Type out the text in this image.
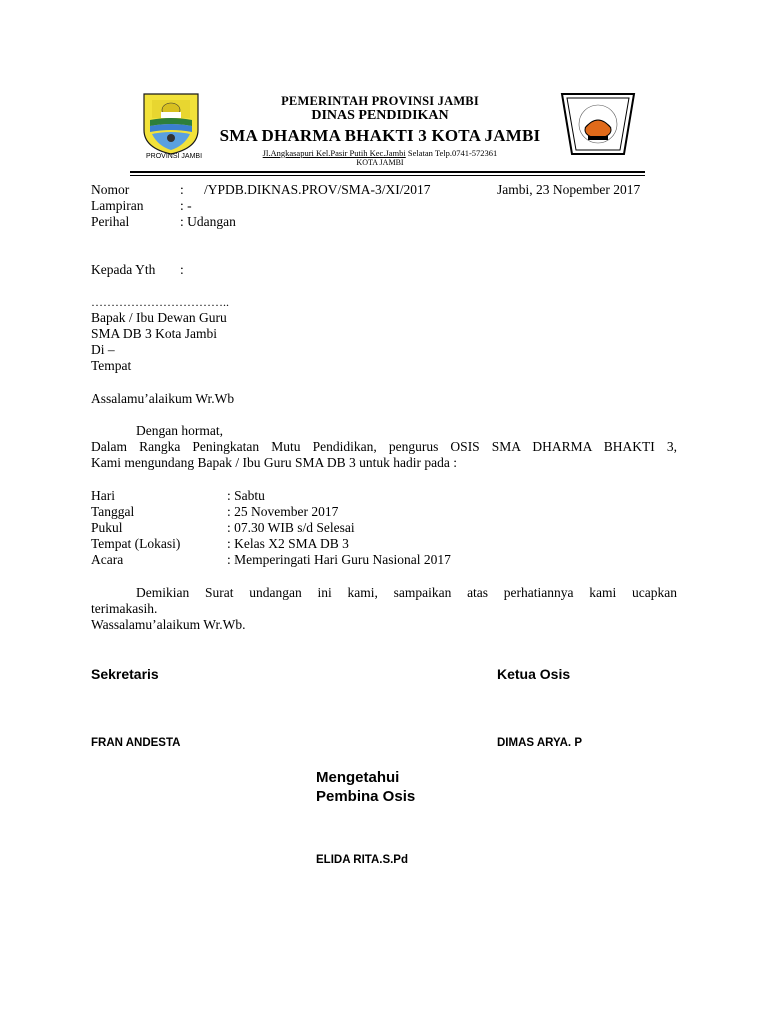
PROVINSI JAMBI
PEMERINTAH PROVINSI JAMBI
DINAS PENDIDIKAN
SMA DHARMA BHAKTI 3 KOTA JAMBI
Jl.Angkasapuri Kel.Pasir Putih Kec.Jambi Selatan Telp.0741-572361
KOTA JAMBI
Nomor	: /YPDB.DIKNAS.PROV/SMA-3/XI/2017	Jambi, 23 Nopember 2017
Lampiran	: -
Perihal	: Udangan
Kepada Yth :
……………………………..
Bapak / Ibu Dewan Guru
SMA DB 3 Kota Jambi
Di –
Tempat
Assalamu’alaikum Wr.Wb
Dengan hormat,
Dalam Rangka Peningkatan Mutu Pendidikan, pengurus OSIS SMA DHARMA BHAKTI 3,
Kami mengundang Bapak / Ibu Guru SMA DB 3 untuk hadir pada :
Hari	: Sabtu
Tanggal	: 25 November 2017
Pukul	: 07.30 WIB s/d Selesai
Tempat (Lokasi)	: Kelas X2 SMA DB 3
Acara	: Memperingati Hari Guru Nasional 2017
Demikian Surat undangan ini kami, sampaikan atas perhatiannya kami ucapkan
terimakasih.
Wassalamu’alaikum Wr.Wb.
Sekretaris	Ketua Osis
FRAN ANDESTA	DIMAS ARYA. P
Mengetahui
Pembina Osis
ELIDA RITA.S.Pd
